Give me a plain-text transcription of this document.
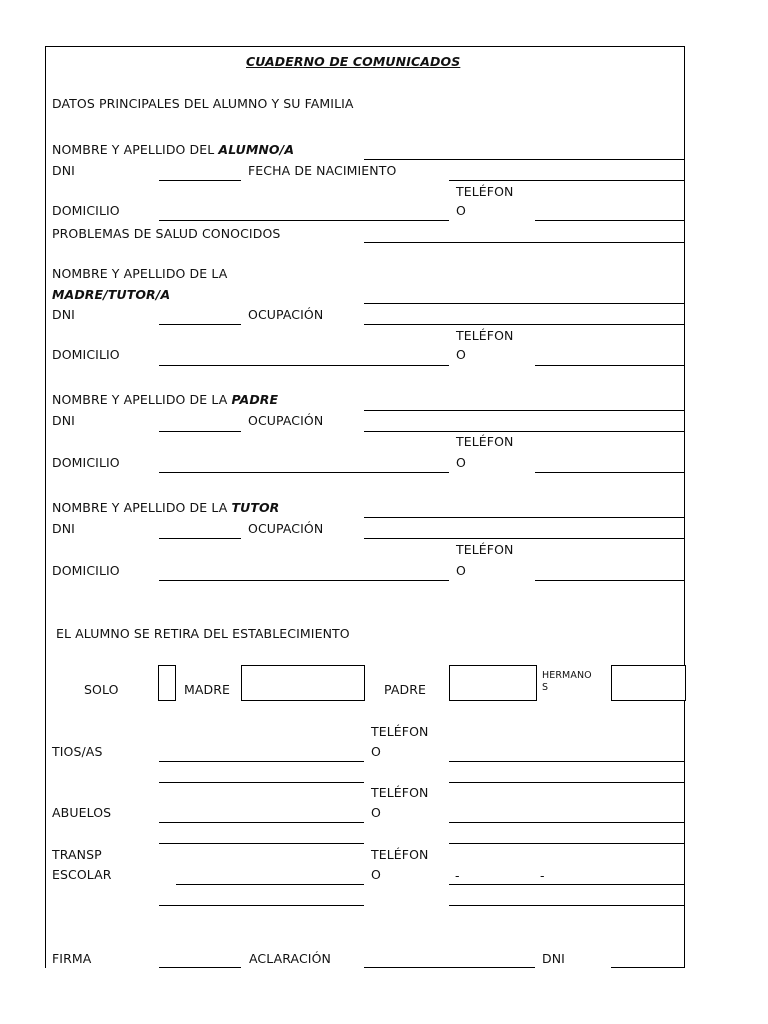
CUADERNO DE COMUNICADOS
DATOS PRINCIPALES DEL ALUMNO Y SU FAMILIA
NOMBRE Y APELLIDO DEL ALUMNO/A
DNI	FECHA DE NACIMIENTO
TELÉFON
O
DOMICILIO
PROBLEMAS DE SALUD CONOCIDOS
NOMBRE Y APELLIDO DE LA
MADRE/TUTOR/A
DNI	OCUPACIÓN
TELÉFON
O
DOMICILIO
NOMBRE Y APELLIDO DE LA PADRE
DNI	OCUPACIÓN
TELÉFON
O
DOMICILIO
NOMBRE Y APELLIDO DE LA TUTOR
DNI	OCUPACIÓN
TELÉFON
O
DOMICILIO
EL ALUMNO SE RETIRA DEL ESTABLECIMIENTO
SOLO	MADRE	PADRE
HERMANO
S
TELÉFON
O
TIOS/AS
TELÉFON
O
ABUELOS
TRANSP
ESCOLAR
TELÉFON
O	-	-
FIRMA	ACLARACIÓN	DNI
